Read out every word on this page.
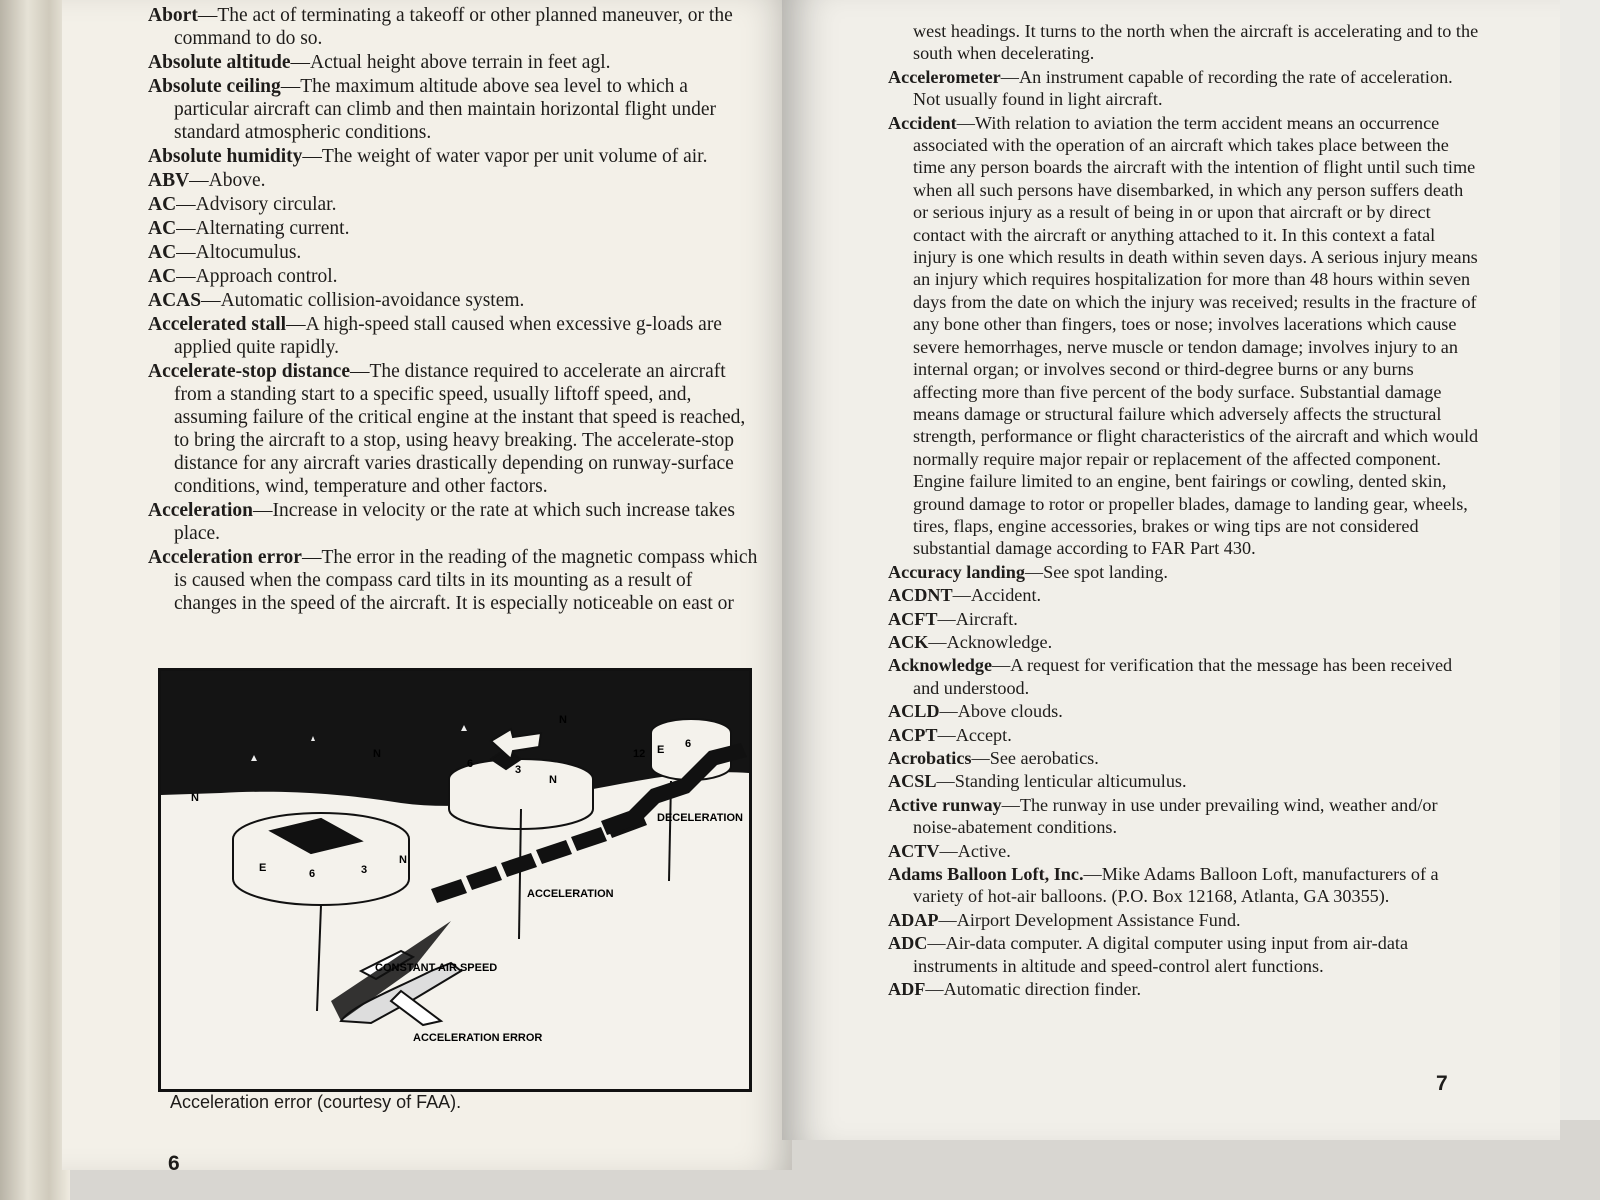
Abort—The act of terminating a takeoff or other planned maneuver, or the command to do so.

Absolute altitude—Actual height above terrain in feet agl.

Absolute ceiling—The maximum altitude above sea level to which a particular aircraft can climb and then maintain horizontal flight under standard atmospheric conditions.

Absolute humidity—The weight of water vapor per unit volume of air.

ABV—Above.

AC—Advisory circular.

AC—Alternating current.

AC—Altocumulus.

AC—Approach control.

ACAS—Automatic collision-avoidance system.

Accelerated stall—A high-speed stall caused when excessive g-loads are applied quite rapidly.

Accelerate-stop distance—The distance required to accelerate an aircraft from a standing start to a specific speed, usually liftoff speed, and, assuming failure of the critical engine at the instant that speed is reached, to bring the aircraft to a stop, using heavy breaking. The accelerate-stop distance for any aircraft varies drastically depending on runway-surface conditions, wind, temperature and other factors.

Acceleration—Increase in velocity or the rate at which such increase takes place.

Acceleration error—The error in the reading of the magnetic compass which is caused when the compass card tilts in its mounting as a result of changes in the speed of the aircraft. It is especially noticeable on east or

N
N
N
E	6	3
N
6	3
N
12 E 6
DECELERATION
ACCELERATION
CONSTANT AIR SPEED
ACCELERATION ERROR
Acceleration error (courtesy of FAA).
6

west headings. It turns to the north when the aircraft is accelerating and to the south when decelerating.

Accelerometer—An instrument capable of recording the rate of acceleration. Not usually found in light aircraft.

Accident—With relation to aviation the term accident means an occurrence associated with the operation of an aircraft which takes place between the time any person boards the aircraft with the intention of flight until such time when all such persons have disembarked, in which any person suffers death or serious injury as a result of being in or upon that aircraft or by direct contact with the aircraft or anything attached to it. In this context a fatal injury is one which results in death within seven days. A serious injury means an injury which requires hospitalization for more than 48 hours within seven days from the date on which the injury was received; results in the fracture of any bone other than fingers, toes or nose; involves lacerations which cause severe hemorrhages, nerve muscle or tendon damage; involves injury to an internal organ; or involves second or third-degree burns or any burns affecting more than five percent of the body surface. Substantial damage means damage or structural failure which adversely affects the structural strength, performance or flight characteristics of the aircraft and which would normally require major repair or replacement of the affected component. Engine failure limited to an engine, bent fairings or cowling, dented skin, ground damage to rotor or propeller blades, damage to landing gear, wheels, tires, flaps, engine accessories, brakes or wing tips are not considered substantial damage according to FAR Part 430.

Accuracy landing—See spot landing.

ACDNT—Accident.

ACFT—Aircraft.

ACK—Acknowledge.

Acknowledge—A request for verification that the message has been received and understood.

ACLD—Above clouds.

ACPT—Accept.

Acrobatics—See aerobatics.

ACSL—Standing lenticular alticumulus.

Active runway—The runway in use under prevailing wind, weather and/or noise-abatement conditions.

ACTV—Active.

Adams Balloon Loft, Inc.—Mike Adams Balloon Loft, manufacturers of a variety of hot-air balloons. (P.O. Box 12168, Atlanta, GA 30355).

ADAP—Airport Development Assistance Fund.

ADC—Air-data computer. A digital computer using input from air-data instruments in altitude and speed-control alert functions.

ADF—Automatic direction finder.

7
